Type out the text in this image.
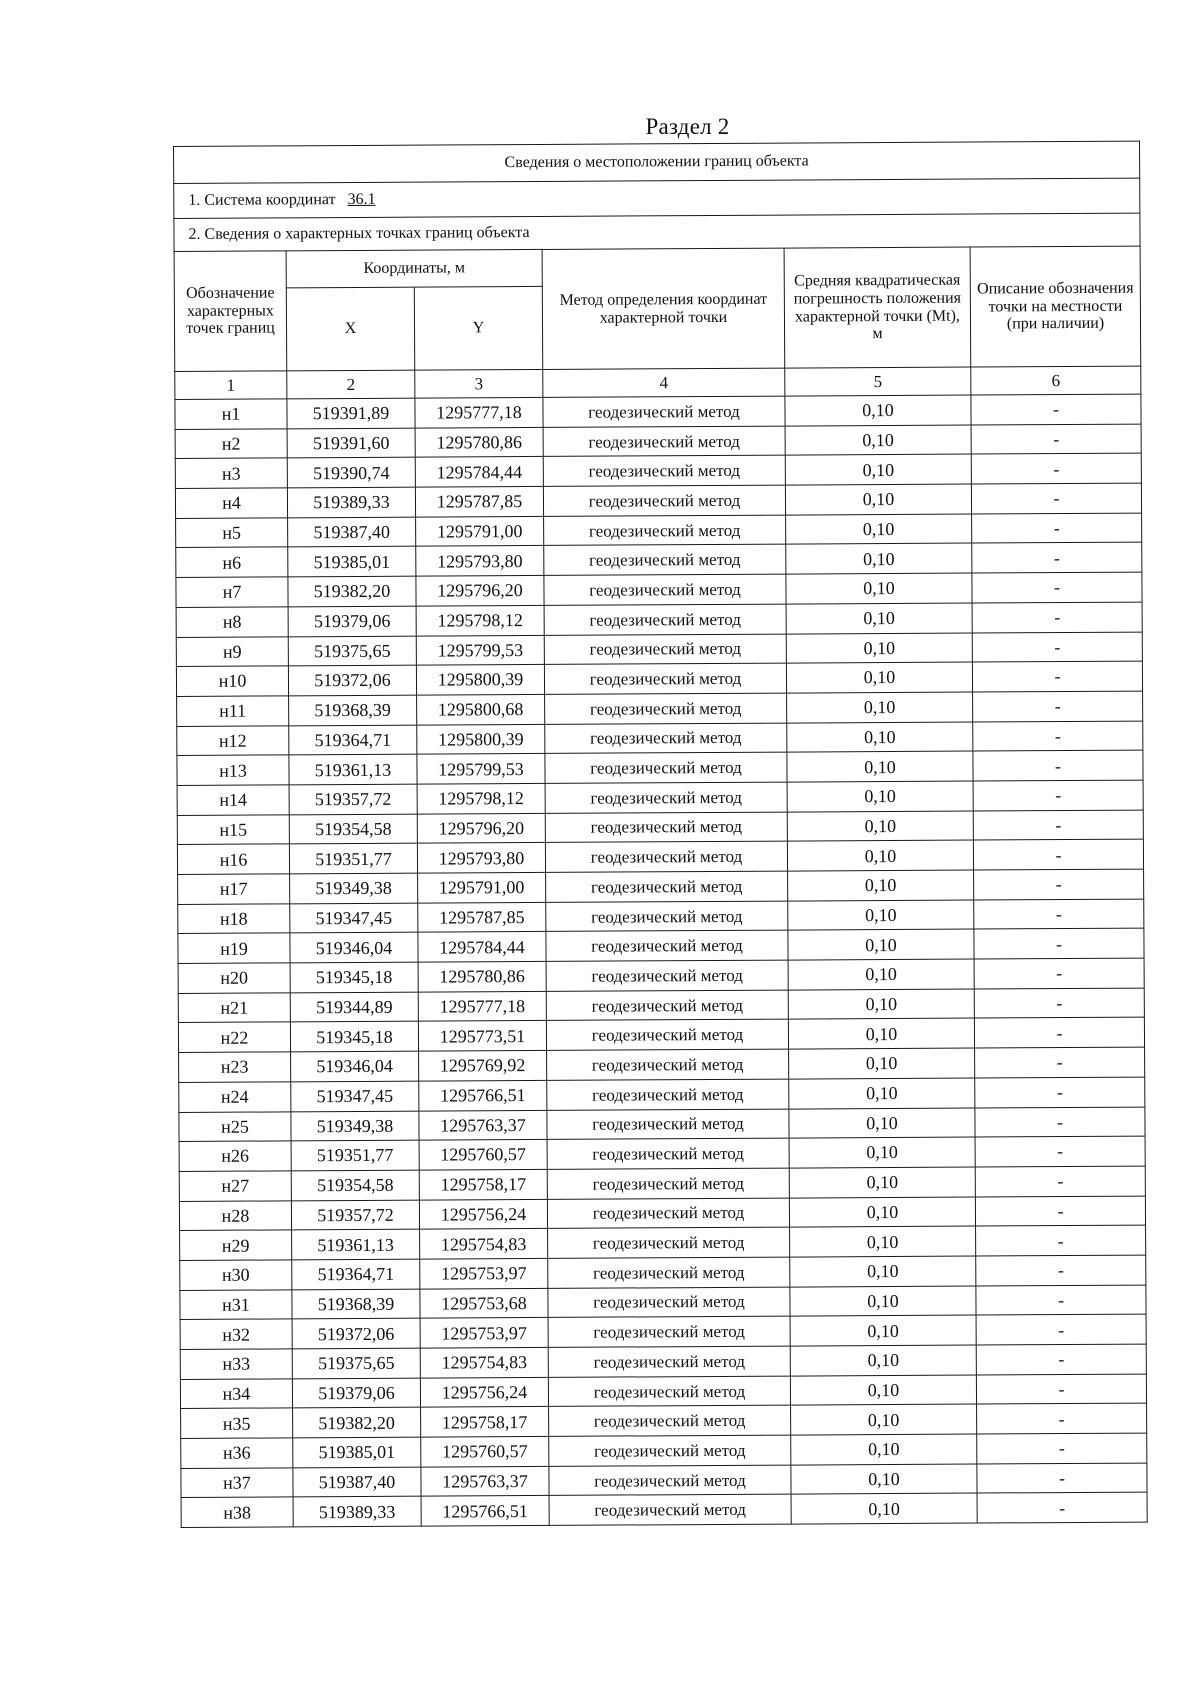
Раздел 2
Сведения о местоположении границ объекта					
1. Система координат 36.1					
2. Сведения о характерных точках границ объекта					
Обозначение характерных точек границ	Координаты, м		Метод определения координат характерной точки	Средняя квадратическая погрешность положения характерной точки (Mt), м	Описание обозначения точки на местности (при наличии)
	X	Y			
1	2	3	4	5	6
н1	519391,89	1295777,18	геодезический метод	0,10	-
н2	519391,60	1295780,86	геодезический метод	0,10	-
н3	519390,74	1295784,44	геодезический метод	0,10	-
н4	519389,33	1295787,85	геодезический метод	0,10	-
н5	519387,40	1295791,00	геодезический метод	0,10	-
н6	519385,01	1295793,80	геодезический метод	0,10	-
н7	519382,20	1295796,20	геодезический метод	0,10	-
н8	519379,06	1295798,12	геодезический метод	0,10	-
н9	519375,65	1295799,53	геодезический метод	0,10	-
н10	519372,06	1295800,39	геодезический метод	0,10	-
н11	519368,39	1295800,68	геодезический метод	0,10	-
н12	519364,71	1295800,39	геодезический метод	0,10	-
н13	519361,13	1295799,53	геодезический метод	0,10	-
н14	519357,72	1295798,12	геодезический метод	0,10	-
н15	519354,58	1295796,20	геодезический метод	0,10	-
н16	519351,77	1295793,80	геодезический метод	0,10	-
н17	519349,38	1295791,00	геодезический метод	0,10	-
н18	519347,45	1295787,85	геодезический метод	0,10	-
н19	519346,04	1295784,44	геодезический метод	0,10	-
н20	519345,18	1295780,86	геодезический метод	0,10	-
н21	519344,89	1295777,18	геодезический метод	0,10	-
н22	519345,18	1295773,51	геодезический метод	0,10	-
н23	519346,04	1295769,92	геодезический метод	0,10	-
н24	519347,45	1295766,51	геодезический метод	0,10	-
н25	519349,38	1295763,37	геодезический метод	0,10	-
н26	519351,77	1295760,57	геодезический метод	0,10	-
н27	519354,58	1295758,17	геодезический метод	0,10	-
н28	519357,72	1295756,24	геодезический метод	0,10	-
н29	519361,13	1295754,83	геодезический метод	0,10	-
н30	519364,71	1295753,97	геодезический метод	0,10	-
н31	519368,39	1295753,68	геодезический метод	0,10	-
н32	519372,06	1295753,97	геодезический метод	0,10	-
н33	519375,65	1295754,83	геодезический метод	0,10	-
н34	519379,06	1295756,24	геодезический метод	0,10	-
н35	519382,20	1295758,17	геодезический метод	0,10	-
н36	519385,01	1295760,57	геодезический метод	0,10	-
н37	519387,40	1295763,37	геодезический метод	0,10	-
н38	519389,33	1295766,51	геодезический метод	0,10	-
